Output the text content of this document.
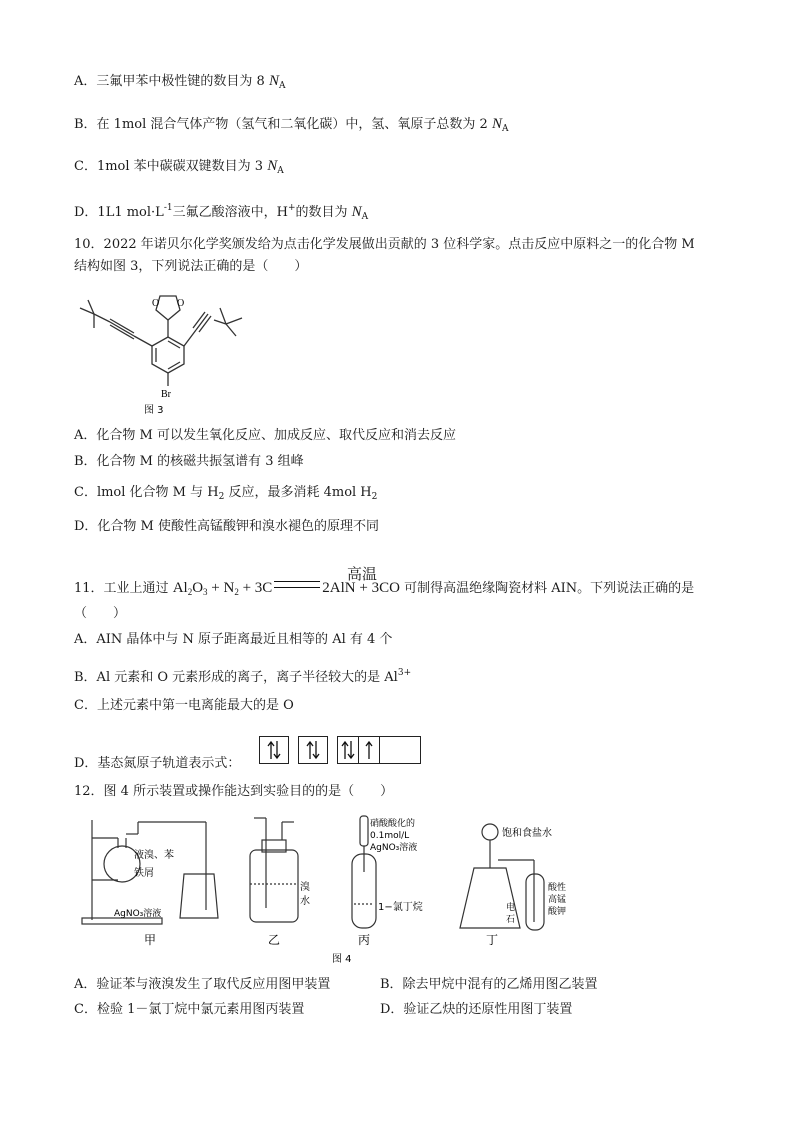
A．三氟甲苯中极性键的数目为 8 $N_A$
B．在 1mol 混合气体产物（氢气和二氧化碳）中，氢、氧原子总数为 2 $N_A$
C．1mol 苯中碳碳双键数目为 3 $N_A$
D．1L1 $mol\cdot L^{-1}$三氟乙酸溶液中，H+的数目为 $N_A$
10．2022 年诺贝尔化学奖颁发给为点击化学发展做出贡献的 3 位科学家。点击反应中原料之一的化合物 M
结构如图 3，下列说法正确的是（　　）
O O
Br
图 3
A．化合物 M 可以发生氧化反应、加成反应、取代反应和消去反应
B．化合物 M 的核磁共振氢谱有 3 组峰
C．lmol 化合物 M 与 $H_2$ 反应，最多消耗 4mol $H_2$
D．化合物 M 使酸性高锰酸钾和溴水褪色的原理不同
11．工业上通过 $Al_2O_3 + N_2 + 3C$	2AlN + 3CO 可制得高温绝缘陶瓷材料 AIN。下列说法正确的是
高温
（　　）
A．AIN 晶体中与 N 原子距离最近且相等的 Al 有 4 个
B．Al 元素和 O 元素形成的离子，离子半径较大的是 $Al^{3+}$
C．上述元素中第一电离能最大的是 O
D．基态氮原子轨道表示式：
12．图 4 所示装置或操作能达到实验目的的是（　　）
液溴、苯
铁屑
AgNO₃溶液
溴
水
硝酸酸化的
0.1mol/L
AgNO₃溶液
1−氯丁烷
饱和食盐水
电
石
酸性
高锰
酸钾
甲	乙	丙	丁
图 4
A．验证苯与液溴发生了取代反应用图甲装置	B．除去甲烷中混有的乙烯用图乙装置
C．检验 1－氯丁烷中氯元素用图丙装置	D．验证乙炔的还原性用图丁装置
